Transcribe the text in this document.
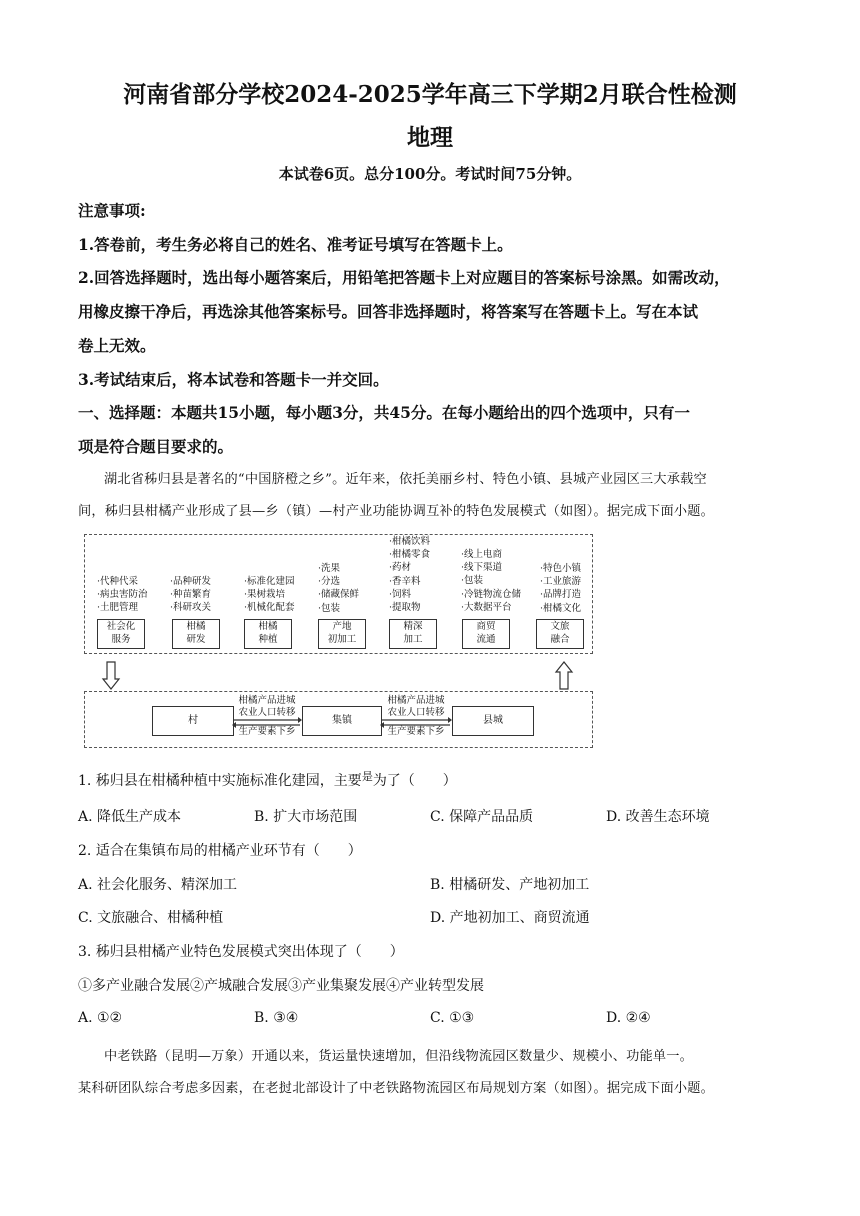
河南省部分学校2024-2025学年高三下学期2月联合性检测
地理
本试卷6页。总分100分。考试时间75分钟。
注意事项:
1.答卷前，考生务必将自己的姓名、准考证号填写在答题卡上。
2.回答选择题时，选出每小题答案后，用铅笔把答题卡上对应题目的答案标号涂黑。如需改动，
用橡皮擦干净后，再选涂其他答案标号。回答非选择题时，将答案写在答题卡上。写在本试
卷上无效。
3.考试结束后，将本试卷和答题卡一并交回。
一、选择题：本题共15小题，每小题3分，共45分。在每小题给出的四个选项中，只有一
项是符合题目要求的。
湖北省秭归县是著名的“中国脐橙之乡”。近年来，依托美丽乡村、特色小镇、县城产业园区三大承载空
间，秭归县柑橘产业形成了县—乡（镇）—村产业功能协调互补的特色发展模式（如图）。据完成下面小题。
·代种代采
·病虫害防治
·土肥管理
社会化
服务
·品种研发
·种苗繁育
·科研攻关
柑橘
研发
·标准化建园
·果树栽培
·机械化配套
柑橘
种植
·洗果
·分选
·储藏保鲜
·包装
产地
初加工
·柑橘饮料
·柑橘零食
·药材
·香辛料
·饲料
·提取物
精深
加工
·线上电商
·线下渠道
·包装
·冷链物流仓储
·大数据平台
商贸
流通
·特色小镇
·工业旅游
·品牌打造
·柑橘文化
文旅
融合
村	集镇	县城
柑橘产品进城
农业人口转移
生产要素下乡
柑橘产品进城
农业人口转移
生产要素下乡
1. 秭归县在柑橘种植中实施标准化建园，主要$^是$为了（　　）
A. 降低生产成本	B. 扩大市场范围	C. 保障产品品质	D. 改善生态环境
2. 适合在集镇布局的柑橘产业环节有（　　）
A. 社会化服务、精深加工	B. 柑橘研发、产地初加工
C. 文旅融合、柑橘种植	D. 产地初加工、商贸流通
3. 秭归县柑橘产业特色发展模式突出体现了（　　）
①多产业融合发展②产城融合发展③产业集聚发展④产业转型发展
A. ①②	B. ③④	C. ①③	D. ②④
中老铁路（昆明—万象）开通以来，货运量快速增加，但沿线物流园区数量少、规模小、功能单一。
某科研团队综合考虑多因素，在老挝北部设计了中老铁路物流园区布局规划方案（如图）。据完成下面小题。
